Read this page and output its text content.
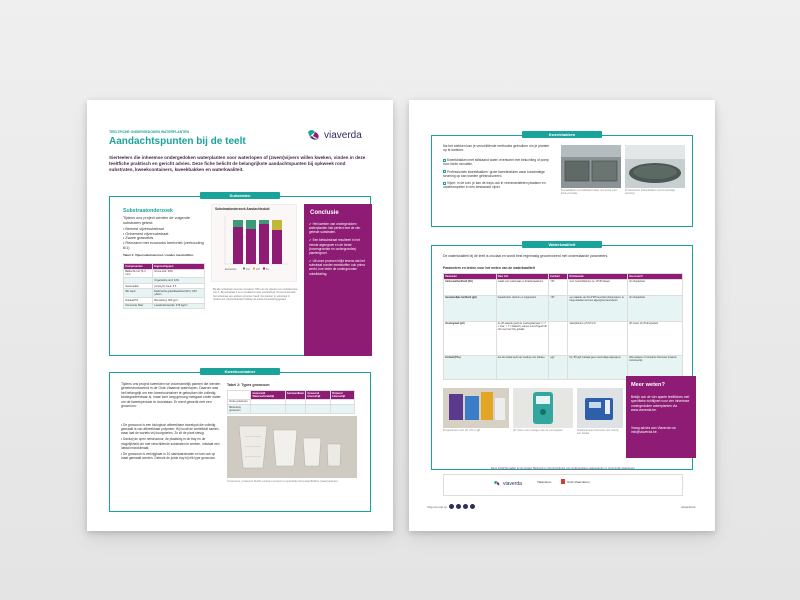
TEELTFICHE ONDERGEDOKEN WATERPLANTEN
Aandachtspunten bij de teelt
viaverda
Sierteelers die inheemse ondergedoken waterplanten voor waterlopen of (zwem)vijvers willen kweken, vinden in deze teeltfiche praktisch en gericht advies. Deze fiche belicht de belangrijkste aandachtspunten bij opkweek rond substraten, kweekcontainers, kweekbakken en waterkwaliteit.
Substraten
Substraatonderzoek
Tijdens ons project werden de volgende substraten getest:
• Bemest vijversubstraat
• Onbemest vijversubstraat
• Zware grasvelds
• Reinzand met ecoworks bentoniet (verhouding 6/1)
Tabel 1: Vijversubstraat met / zonder meststoffen.
Componenten	Eigenschappen
Baltische turf (0-4 mm)	Grove stof: 30%
	Organische stof: 10%
Gewoneklei	pH (H₂O) zone: 5.5
Wit zand	Elektrische geleidbaarheid (EC): 180 µS/cm
Dolokal PG	Bemesting: 300 g/m³
Osmocote Start	Lewatit Ecoworks: 475 kg/m³
Substraatonderzoek Aandachtsduid
Ecoworks	0-2 2-5 5+
Bij alle substraten leveren minstens 70% van de planten een worteleruste van 5. Bij substraat 4 is er opvallend meer worteluitval. Dit komt doordat het substraat een andere structuur heeft. De planten in substraat 3 (onbemest vijversubstraat) hebben de beste bewortelingsgraad.
Conclusie
✔ Het kweken van ondergedoken waterplanten lukt perfect met de vier geteste substraten.
✔ Een kleisubstraat resulteert in het minste algengroei en de beste (bovengrondse en ondergrondse) plantengroei.
✔ Uit onze proeven blijkt tevens dat het substraat zonder meststoffen ook prima werkt, hoe beter de ondergrondse ontwikkeling.
Kweekcontainer
Tijdens ons project kweekten we voormamelijk planten die werden geheinstroduceerd in de Oost-Vlaamse waterlopen. Daarom was het belangrijk om een kweekcontainer te gebruiken die volledig biodegradeerbaar is, maar toch lang genoeg meegaat onder water om de kweekperiode te doorstaan. Er werd gewerkt met een growcoon:
• De growcoon is een biologisch afbreekbare kweekpot die volledig gemaakt is van afbreekbaar polymeer. Hij houdt de wortelkluit samen, maar laat de wortels vrij doorgroeien. Zo zit de plant stevig.
• Dankzij de open netstructuur, de plaatsing in de tray en de mogelijkheid om met verschillende substraten te werken, ontstaat een ideaal microklimaat.
• De growcoon is verkrijgbaar in 10 standaardmaten en kan ook op maat gemaakt worden. Gebruik de juiste tray bij elk type growcoon.
Tabel 2: Types growcoon
	Geworteld Waterverbindelijk	Aanvaardbaar	Gewoond bloeischijf	Drijvend bloeischijf
Grote growcoon				
Bioomtray growcoon				
Growcoons, producent KHAN, konkreet product en specifieke Kleimadel-Biofiber (water)aplanten
Kweekbakken
Na het stekken kan je verschillende methodes gebruiken om je planten op te kweken:
Kweekbakken met stilstaand water, eventueel met beluchting of pomp voor lichte circulatie.
Professionele kweekbakken: grote kweekbakken waar kunstmatige stroming op kan worden geïntroduceerd.
Vijver: in de tuin: je kan de trays ook in veenmanisteten plaatsen en ondertompelen in een bestaande vijver.
Kweekbakken met stilstaand water met pomp voor lichte circulatie
Professionele kweekbakken met kunstmatige stroming
Waterkwaliteit
De waterkwaliteit bij de teelt is cruciaal en wordt best regelmatig gecontroleerd met onderstaande parameters.
Parameters en testen voor het meten van de waterkwaliteit
Parameter	Meer info	Eenheid	Richtwaarde	Hoe testen?
Carbonaathardheid (KH)	maakt voor carbonaat en bicarbonaationen	°dH	voor zuurstofplanten ca. 10°dH ideaal	tim druppeltest
Gezamenlijke hardheid (gH)	bepaalt door calcium en magnesium	°dH	een waarde van 8-12°dH bevordert plantengroei; te hoge waarden kunnen algengroei bevorderen	tim druppeltest
Zuurtegraad (pH)	de pH-waarde geeft de zuurtegraad aan: (< 7 = zuur, > 7 = basisch), samen met kH geeft dit info over het CO₂ gehalte	-	waterplanten: pH 6,5 à 8	pH-meter of pH-druppeltest
Fosfaat (PO₄)	het als nitraat werkt op voeding voor planten	µg/l	bij <50 µg/l ontstaat geen overmatige algengroei	labo-analyse of compacte fotometer (malena instruments)
Druppeltesten voor pH, KH en gH	pH-meter voor metingen aan de zuurtegraad	Multiparameter fotometer voor meting van fosfaat
Meer weten?
Bekijk ook de vier aparte teeltfiches met specifieke richtlijnen voor vier inheemse ondergedoken waterplanten via www.viaverda.be.
Vraag advies aan Viaverda via info@viaverda.be.
Deze infofiche kadert in het project 'Behoud en (her)introductie van ondergedoken waterplanten in stromende waterlopen'
viaverda	Vlaanderen	Oost-Vlaanderen
Volg ons ook op	viaverda.be
